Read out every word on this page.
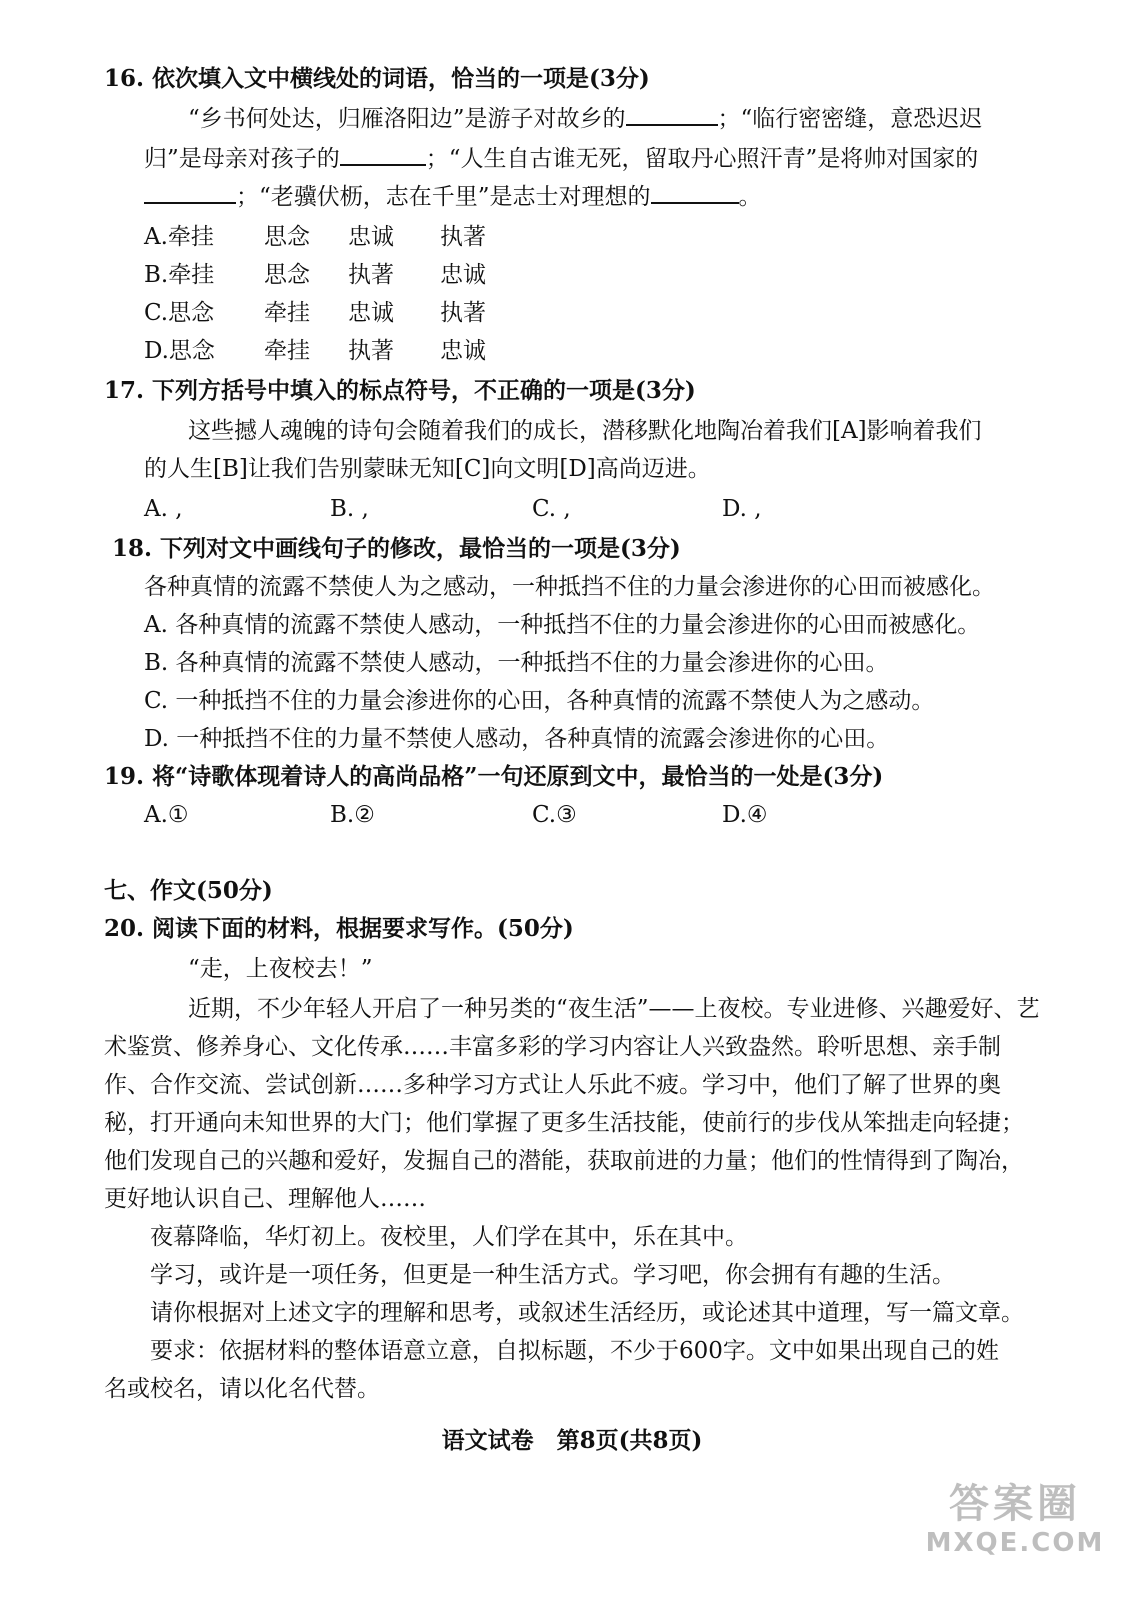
16. 依次填入文中横线处的词语，恰当的一项是(3分)
“乡书何处达，归雁洛阳边”是游子对故乡的	；“临行密密缝，意恐迟迟
归”是母亲对孩子的	；“人生自古谁无死，留取丹心照汗青”是将帅对国家的
；“老骥伏枥，志在千里”是志士对理想的	。
A.牵挂 思念 忠诚 执著
B.牵挂 思念 执著 忠诚
C.思念 牵挂 忠诚 执著
D.思念 牵挂 执著 忠诚
17. 下列方括号中填入的标点符号，不正确的一项是(3分)
这些撼人魂魄的诗句会随着我们的成长，潜移默化地陶冶着我们[A]影响着我们
的人生[B]让我们告别蒙昧无知[C]向文明[D]高尚迈进。
A. ,	B. ,	C. ,	D. ,
18. 下列对文中画线句子的修改，最恰当的一项是(3分)
各种真情的流露不禁使人为之感动，一种抵挡不住的力量会渗进你的心田而被感化。
A. 各种真情的流露不禁使人感动，一种抵挡不住的力量会渗进你的心田而被感化。
B. 各种真情的流露不禁使人感动，一种抵挡不住的力量会渗进你的心田。
C. 一种抵挡不住的力量会渗进你的心田，各种真情的流露不禁使人为之感动。
D. 一种抵挡不住的力量不禁使人感动，各种真情的流露会渗进你的心田。
19. 将“诗歌体现着诗人的高尚品格”一句还原到文中，最恰当的一处是(3分)
A.①	B.②	C.③	D.④
七、作文(50分)
20. 阅读下面的材料，根据要求写作。(50分)
“走，上夜校去！”
近期，不少年轻人开启了一种另类的“夜生活”——上夜校。专业进修、兴趣爱好、艺
术鉴赏、修养身心、文化传承……丰富多彩的学习内容让人兴致盎然。聆听思想、亲手制
作、合作交流、尝试创新……多种学习方式让人乐此不疲。学习中，他们了解了世界的奥
秘，打开通向未知世界的大门；他们掌握了更多生活技能，使前行的步伐从笨拙走向轻捷；
他们发现自己的兴趣和爱好，发掘自己的潜能，获取前进的力量；他们的性情得到了陶冶，
更好地认识自己、理解他人……
夜幕降临，华灯初上。夜校里，人们学在其中，乐在其中。
学习，或许是一项任务，但更是一种生活方式。学习吧，你会拥有有趣的生活。
请你根据对上述文字的理解和思考，或叙述生活经历，或论述其中道理，写一篇文章。
要求：依据材料的整体语意立意，自拟标题，不少于600字。文中如果出现自己的姓
名或校名，请以化名代替。
语文试卷　第8页(共8页)
答案圈
MXQE.COM
